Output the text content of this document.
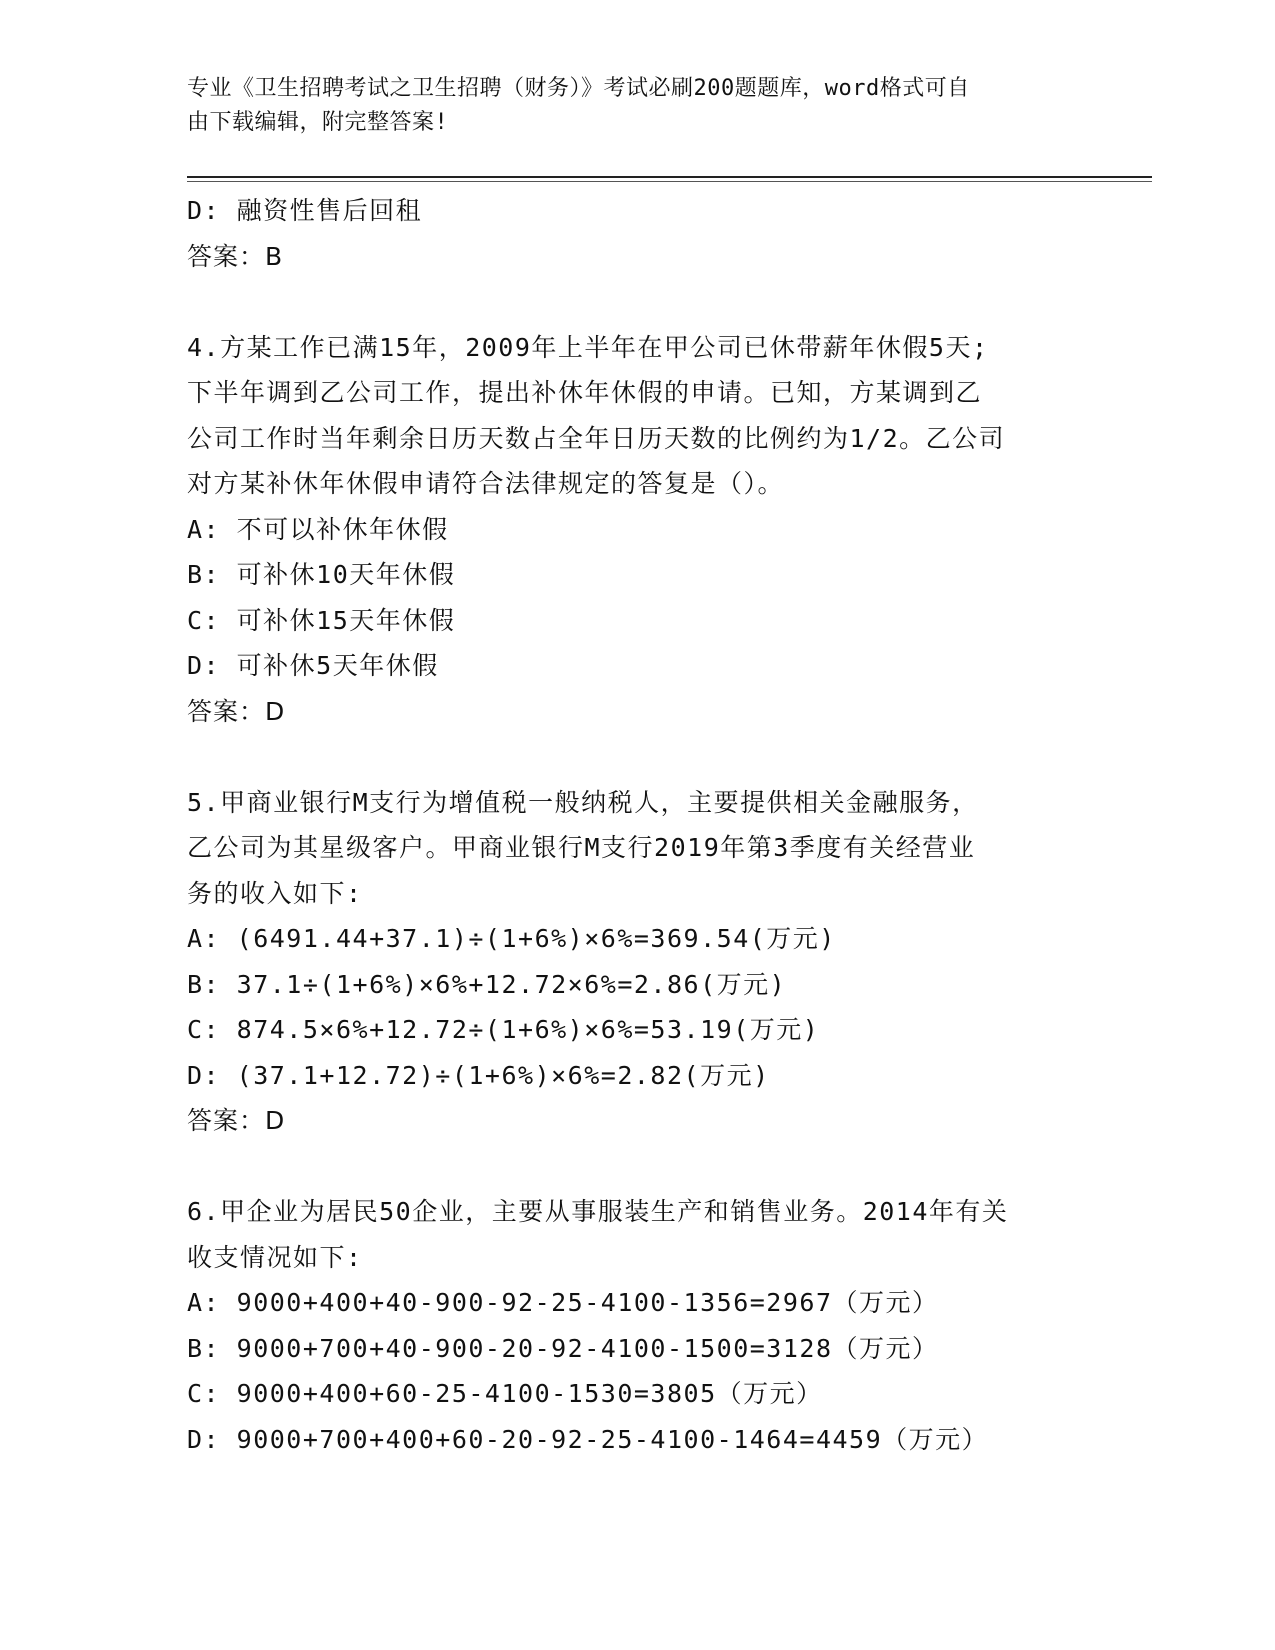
专业《卫生招聘考试之卫生招聘（财务）》考试必刷200题题库，word格式可自
由下载编辑，附完整答案!
D: 融资性售后回租
答案：B
4.方某工作已满15年，2009年上半年在甲公司已休带薪年休假5天;
下半年调到乙公司工作，提出补休年休假的申请。已知，方某调到乙
公司工作时当年剩余日历天数占全年日历天数的比例约为1/2。乙公司
对方某补休年休假申请符合法律规定的答复是（）。
A: 不可以补休年休假
B: 可补休10天年休假
C: 可补休15天年休假
D: 可补休5天年休假
答案：D
5.甲商业银行M支行为增值税一般纳税人，主要提供相关金融服务，
乙公司为其星级客户。甲商业银行M支行2019年第3季度有关经营业
务的收入如下:
A: (6491.44+37.1)÷(1+6%)×6%=369.54(万元)
B: 37.1÷(1+6%)×6%+12.72×6%=2.86(万元)
C: 874.5×6%+12.72÷(1+6%)×6%=53.19(万元)
D: (37.1+12.72)÷(1+6%)×6%=2.82(万元)
答案：D
6.甲企业为居民50企业，主要从事服装生产和销售业务。2014年有关
收支情况如下:
A: 9000+400+40-900-92-25-4100-1356=2967（万元）
B: 9000+700+40-900-20-92-4100-1500=3128（万元）
C: 9000+400+60-25-4100-1530=3805（万元）
D: 9000+700+400+60-20-92-25-4100-1464=4459（万元）
